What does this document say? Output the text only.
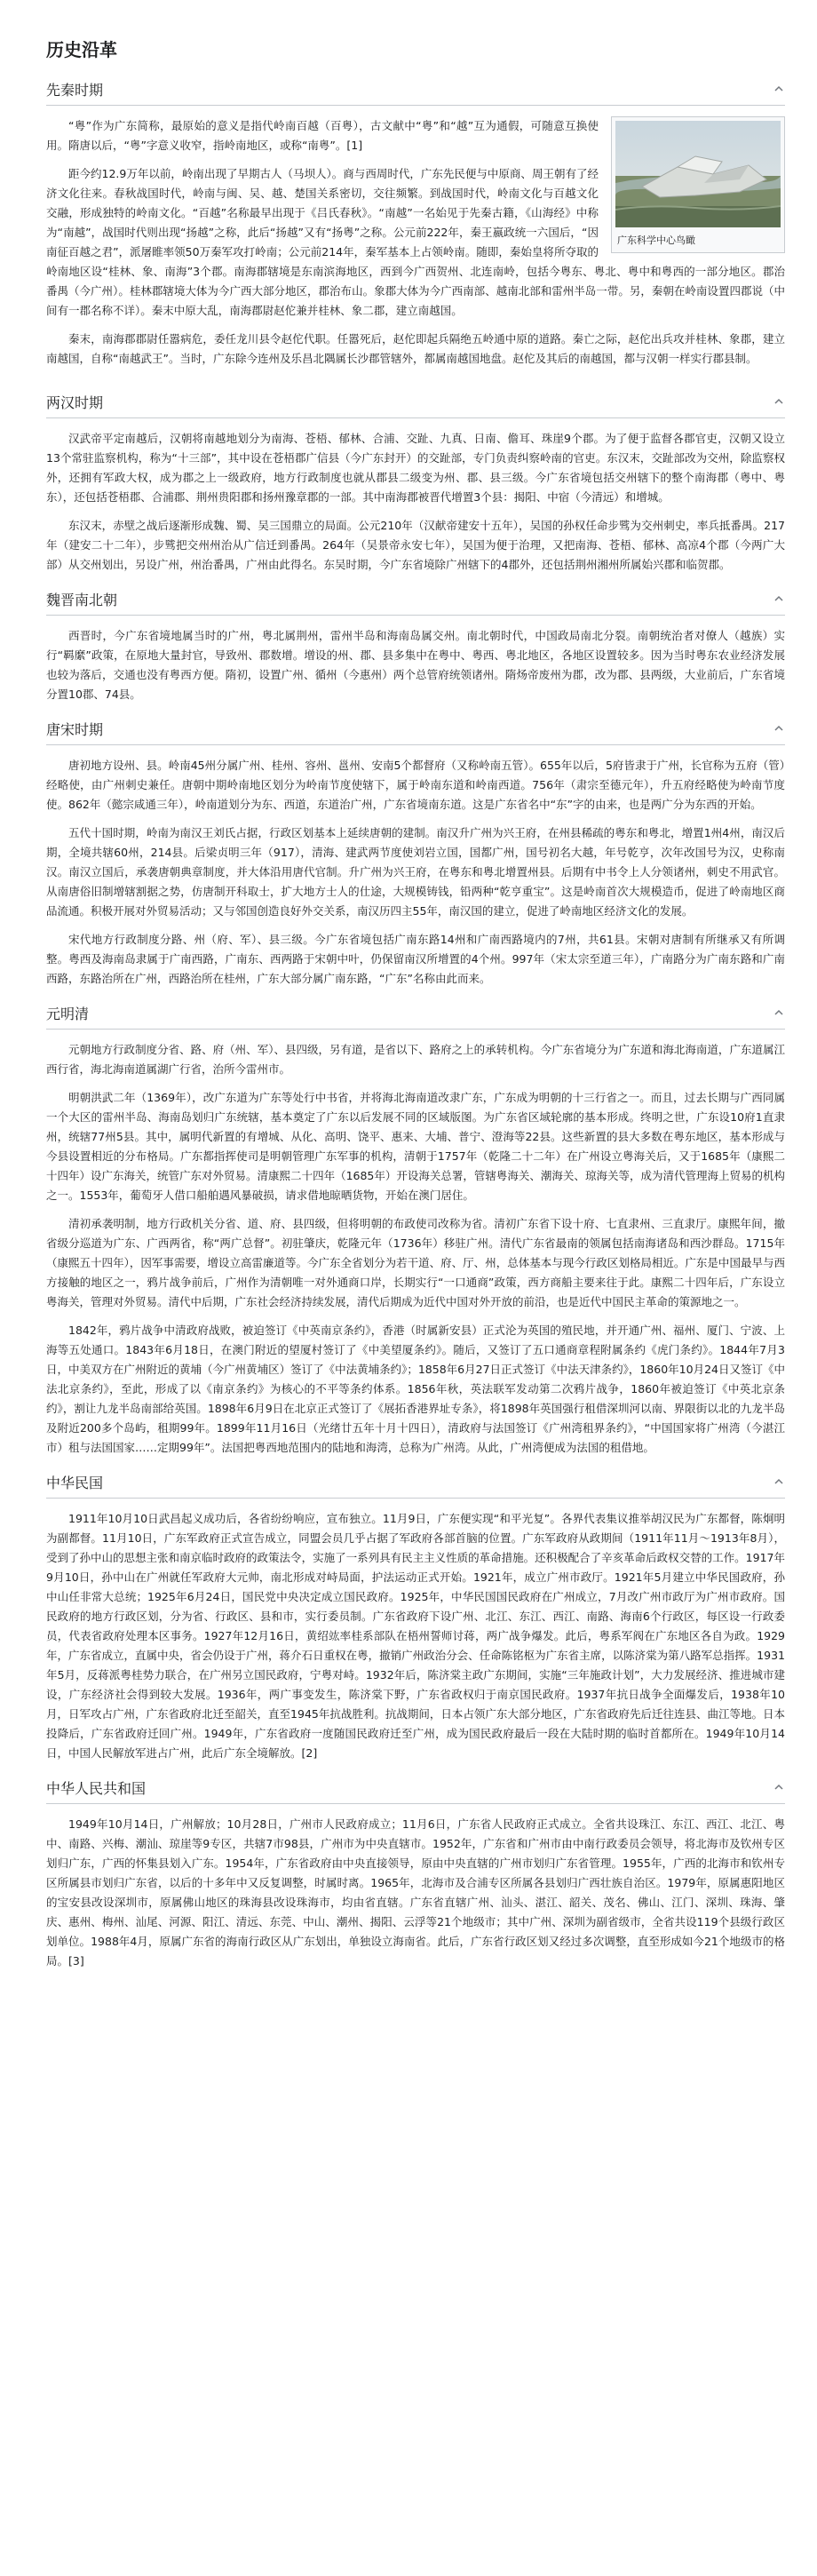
历史沿革
先秦时期
广东科学中心鸟瞰

“粤”作为广东简称，最原始的意义是指代岭南百越（百粤），古文献中“粤”和“越”互为通假，可随意互换使用。隋唐以后，“粤”字意义收窄，指岭南地区，或称“南粤”。[1]

距今约12.9万年以前，岭南出现了早期古人（马坝人）。商与西周时代，广东先民便与中原商、周王朝有了经济文化往来。春秋战国时代，岭南与闽、吴、越、楚国关系密切，交往频繁。到战国时代，岭南文化与百越文化交融，形成独特的岭南文化。“百越”名称最早出现于《吕氏春秋》。“南越”一名始见于先秦古籍，《山海经》中称为“南越”，战国时代则出现“扬越”之称，此后“扬越”又有“扬粤”之称。公元前222年，秦王嬴政统一六国后，“因南征百越之君”，派屠睢率领50万秦军攻打岭南；公元前214年，秦军基本上占领岭南。随即，秦始皇将所夺取的岭南地区设“桂林、象、南海”3个郡。南海郡辖境是东南滨海地区，西到今广西贺州、北连南岭，包括今粤东、粤北、粤中和粤西的一部分地区。郡治番禺（今广州）。桂林郡辖境大体为今广西大部分地区，郡治布山。象郡大体为今广西南部、越南北部和雷州半岛一带。另，秦朝在岭南设置四郡说（中间有一郡名称不详）。秦末中原大乱，南海郡尉赵佗兼并桂林、象二郡，建立南越国。

秦末，南海郡郡尉任嚣病危，委任龙川县令赵佗代职。任嚣死后，赵佗即起兵隔绝五岭通中原的道路。秦亡之际，赵佗出兵攻并桂林、象郡，建立南越国，自称“南越武王”。当时，广东除今连州及乐昌北隅属长沙郡管辖外，都属南越国地盘。赵佗及其后的南越国，都与汉朝一样实行郡县制。

两汉时期

汉武帝平定南越后，汉朝将南越地划分为南海、苍梧、郁林、合浦、交趾、九真、日南、儋耳、珠崖9个郡。为了便于监督各郡官吏，汉朝又设立13个常驻监察机构，称为“十三部”，其中设在苍梧郡广信县（今广东封开）的交趾部，专门负责纠察岭南的官吏。东汉末，交趾部改为交州，除监察权外，还拥有军政大权，成为郡之上一级政府，地方行政制度也就从郡县二级变为州、郡、县三级。今广东省境包括交州辖下的整个南海郡（粤中、粤东），还包括苍梧郡、合浦郡、荆州贵阳郡和扬州豫章郡的一部。其中南海郡被晋代增置3个县：揭阳、中宿（今清远）和增城。

东汉末，赤壁之战后逐渐形成魏、蜀、吴三国鼎立的局面。公元210年（汉献帝建安十五年），吴国的孙权任命步骘为交州刺史，率兵抵番禺。217年（建安二十二年），步骘把交州州治从广信迁到番禺。264年（吴景帝永安七年），吴国为便于治理，又把南海、苍梧、郁林、高凉4个郡（今两广大部）从交州划出，另设广州，州治番禺，广州由此得名。东吴时期，今广东省境除广州辖下的4郡外，还包括荆州湘州所属始兴郡和临贺郡。

魏晋南北朝

西晋时，今广东省境地属当时的广州，粤北属荆州，雷州半岛和海南岛属交州。南北朝时代，中国政局南北分裂。南朝统治者对僚人（越族）实行“羁縻”政策，在原地大量封官，导致州、郡数增。增设的州、郡、县多集中在粤中、粤西、粤北地区，各地区设置较多。因为当时粤东农业经济发展也较为落后，交通也没有粤西方便。隋初，设置广州、循州（今惠州）两个总管府统领诸州。隋炀帝废州为郡，改为郡、县两级，大业前后，广东省境分置10郡、74县。

唐宋时期

唐初地方设州、县。岭南45州分属广州、桂州、容州、邕州、安南5个都督府（又称岭南五管）。655年以后，5府皆隶于广州，长官称为五府（管）经略使，由广州刺史兼任。唐朝中期岭南地区划分为岭南节度使辖下，属于岭南东道和岭南西道。756年（肃宗至德元年），升五府经略使为岭南节度使。862年（懿宗咸通三年），岭南道划分为东、西道，东道治广州，广东省境南东道。这是广东省名中“东”字的由来，也是两广分为东西的开始。

五代十国时期，岭南为南汉王刘氏占据，行政区划基本上延续唐朝的建制。南汉升广州为兴王府，在州县稀疏的粤东和粤北，增置1州4州，南汉后期，全境共辖60州，214县。后梁贞明三年（917），清海、建武两节度使刘岩立国，国都广州，国号初名大越，年号乾亨，次年改国号为汉，史称南汉。南汉立国后，承袭唐朝典章制度，并大体沿用唐代官制。升广州为兴王府，在粤东和粤北增置州县。后期有中书令上人分领诸州，刺史不用武官。从南唐俗旧制增辖割据之势，仿唐制开科取士，扩大地方士人的仕途，大规模铸钱，铅两种“乾亨重宝”。这是岭南首次大规模造币，促进了岭南地区商品流通。积极开展对外贸易活动；又与邻国创造良好外交关系，南汉历四主55年，南汉国的建立，促进了岭南地区经济文化的发展。

宋代地方行政制度分路、州（府、军）、县三级。今广东省境包括广南东路14州和广南西路境内的7州，共61县。宋朝对唐制有所继承又有所调整。粤西及海南岛隶属于广南西路，广南东、西两路于宋朝中叶，仍保留南汉所增置的4个州。997年（宋太宗至道三年），广南路分为广南东路和广南西路，东路治所在广州，西路治所在桂州，广东大部分属广南东路，“广东”名称由此而来。

元明清

元朝地方行政制度分省、路、府（州、军）、县四级，另有道，是省以下、路府之上的承转机构。今广东省境分为广东道和海北海南道，广东道属江西行省，海北海南道属湖广行省，治所今雷州市。

明朝洪武二年（1369年），改广东道为广东等处行中书省，并将海北海南道改隶广东，广东成为明朝的十三行省之一。而且，过去长期与广西同属一个大区的雷州半岛、海南岛划归广东统辖，基本奠定了广东以后发展不同的区域版图。为广东省区域轮廓的基本形成。终明之世，广东设10府1直隶州，统辖77州5县。其中，属明代新置的有增城、从化、高明、饶平、惠来、大埔、普宁、澄海等22县。这些新置的县大多数在粤东地区，基本形成与今县设置相近的分布格局。广东都指挥使司是明朝管理广东军事的机构，清朝于1757年（乾隆二十二年）在广州设立粤海关后，又于1685年（康熙二十四年）设广东海关，统管广东对外贸易。清康熙二十四年（1685年）开设海关总署，管辖粤海关、潮海关、琼海关等，成为清代管理海上贸易的机构之一。1553年，葡萄牙人借口船舶遇风暴破损，请求借地晾晒货物，开始在澳门居住。

清初承袭明制，地方行政机关分省、道、府、县四级，但将明朝的布政使司改称为省。清初广东省下设十府、七直隶州、三直隶厅。康熙年间，撤省级分巡道为广东、广西两省，称“两广总督”。初驻肇庆，乾隆元年（1736年）移驻广州。清代广东省最南的领属包括南海诸岛和西沙群岛。1715年（康熙五十四年），因军事需要，增设立高雷廉道等。今广东全省划分为若干道、府、厅、州，总体基本与现今行政区划格局相近。广东是中国最早与西方接触的地区之一，鸦片战争前后，广州作为清朝唯一对外通商口岸，长期实行“一口通商”政策，西方商船主要来往于此。康熙二十四年后，广东设立粤海关，管理对外贸易。清代中后期，广东社会经济持续发展，清代后期成为近代中国对外开放的前沿，也是近代中国民主革命的策源地之一。

1842年，鸦片战争中清政府战败，被迫签订《中英南京条约》，香港（时属新安县）正式沦为英国的殖民地，并开通广州、福州、厦门、宁波、上海等五处通口。1843年6月18日，在澳门附近的望厦村签订了《中美望厦条约》。随后，又签订了五口通商章程附属条约《虎门条约》。1844年7月3日，中美双方在广州附近的黄埔（今广州黄埔区）签订了《中法黄埔条约》；1858年6月27日正式签订《中法天津条约》，1860年10月24日又签订《中法北京条约》，至此，形成了以《南京条约》为核心的不平等条约体系。1856年秋，英法联军发动第二次鸦片战争，1860年被迫签订《中英北京条约》，割让九龙半岛南部给英国。1898年6月9日在北京正式签订了《展拓香港界址专条》，将1898年英国强行租借深圳河以南、界限街以北的九龙半岛及附近200多个岛屿，租期99年。1899年11月16日（光绪廿五年十月十四日），清政府与法国签订《广州湾租界条约》，“中国国家将广州湾（今湛江市）租与法国国家……定期99年”。法国把粤西地范围内的陆地和海湾，总称为广州湾。从此，广州湾便成为法国的租借地。

中华民国

1911年10月10日武昌起义成功后，各省纷纷响应，宣布独立。11月9日，广东便实现“和平光复”。各界代表集议推举胡汉民为广东都督，陈炯明为副都督。11月10日，广东军政府正式宣告成立，同盟会员几乎占据了军政府各部首脑的位置。广东军政府从政期间（1911年11月～1913年8月），受到了孙中山的思想主张和南京临时政府的政策法令，实施了一系列具有民主主义性质的革命措施。还积极配合了辛亥革命后政权交替的工作。1917年9月10日，孙中山在广州就任军政府大元帅，南北形成对峙局面，护法运动正式开始。1921年，成立广州市政厅。1921年5月建立中华民国政府，孙中山任非常大总统；1925年6月24日，国民党中央决定成立国民政府。1925年，中华民国国民政府在广州成立，7月改广州市政厅为广州市政府。国民政府的地方行政区划，分为省、行政区、县和市，实行委员制。广东省政府下设广州、北江、东江、西江、南路、海南6个行政区，每区设一行政委员，代表省政府处理本区事务。1927年12月16日，黄绍竑率桂系部队在梧州誓师讨蒋，两广战争爆发。此后，粤系军阀在广东地区各自为政。1929年，广东省成立，直属中央，省会仍设于广州，蒋介石日重权在粤，撤销广州政治分会、任命陈铭枢为广东省主席，以陈济棠为第八路军总指挥。1931年5月，反蒋派粤桂势力联合，在广州另立国民政府，宁粤对峙。1932年后，陈济棠主政广东期间，实施“三年施政计划”，大力发展经济、推进城市建设，广东经济社会得到较大发展。1936年，两广事变发生，陈济棠下野，广东省政权归于南京国民政府。1937年抗日战争全面爆发后，1938年10月，日军攻占广州，广东省政府北迁至韶关，直至1945年抗战胜利。抗战期间，日本占领广东大部分地区，广东省政府先后迁往连县、曲江等地。日本投降后，广东省政府迁回广州。1949年，广东省政府一度随国民政府迁至广州，成为国民政府最后一段在大陆时期的临时首都所在。1949年10月14日，中国人民解放军进占广州，此后广东全境解放。[2]

中华人民共和国

1949年10月14日，广州解放；10月28日，广州市人民政府成立；11月6日，广东省人民政府正式成立。全省共设珠江、东江、西江、北江、粤中、南路、兴梅、潮汕、琼崖等9专区，共辖7市98县，广州市为中央直辖市。1952年，广东省和广州市由中南行政委员会领导，将北海市及钦州专区划归广东，广西的怀集县划入广东。1954年，广东省政府由中央直接领导，原由中央直辖的广州市划归广东省管理。1955年，广西的北海市和钦州专区所属县市划归广东省，以后的十多年中又反复调整，时属时离。1965年，北海市及合浦专区所属各县划归广西壮族自治区。1979年，原属惠阳地区的宝安县改设深圳市，原属佛山地区的珠海县改设珠海市，均由省直辖。广东省直辖广州、汕头、湛江、韶关、茂名、佛山、江门、深圳、珠海、肇庆、惠州、梅州、汕尾、河源、阳江、清远、东莞、中山、潮州、揭阳、云浮等21个地级市；其中广州、深圳为副省级市，全省共设119个县级行政区划单位。1988年4月，原属广东省的海南行政区从广东划出，单独设立海南省。此后，广东省行政区划又经过多次调整，直至形成如今21个地级市的格局。[3]
